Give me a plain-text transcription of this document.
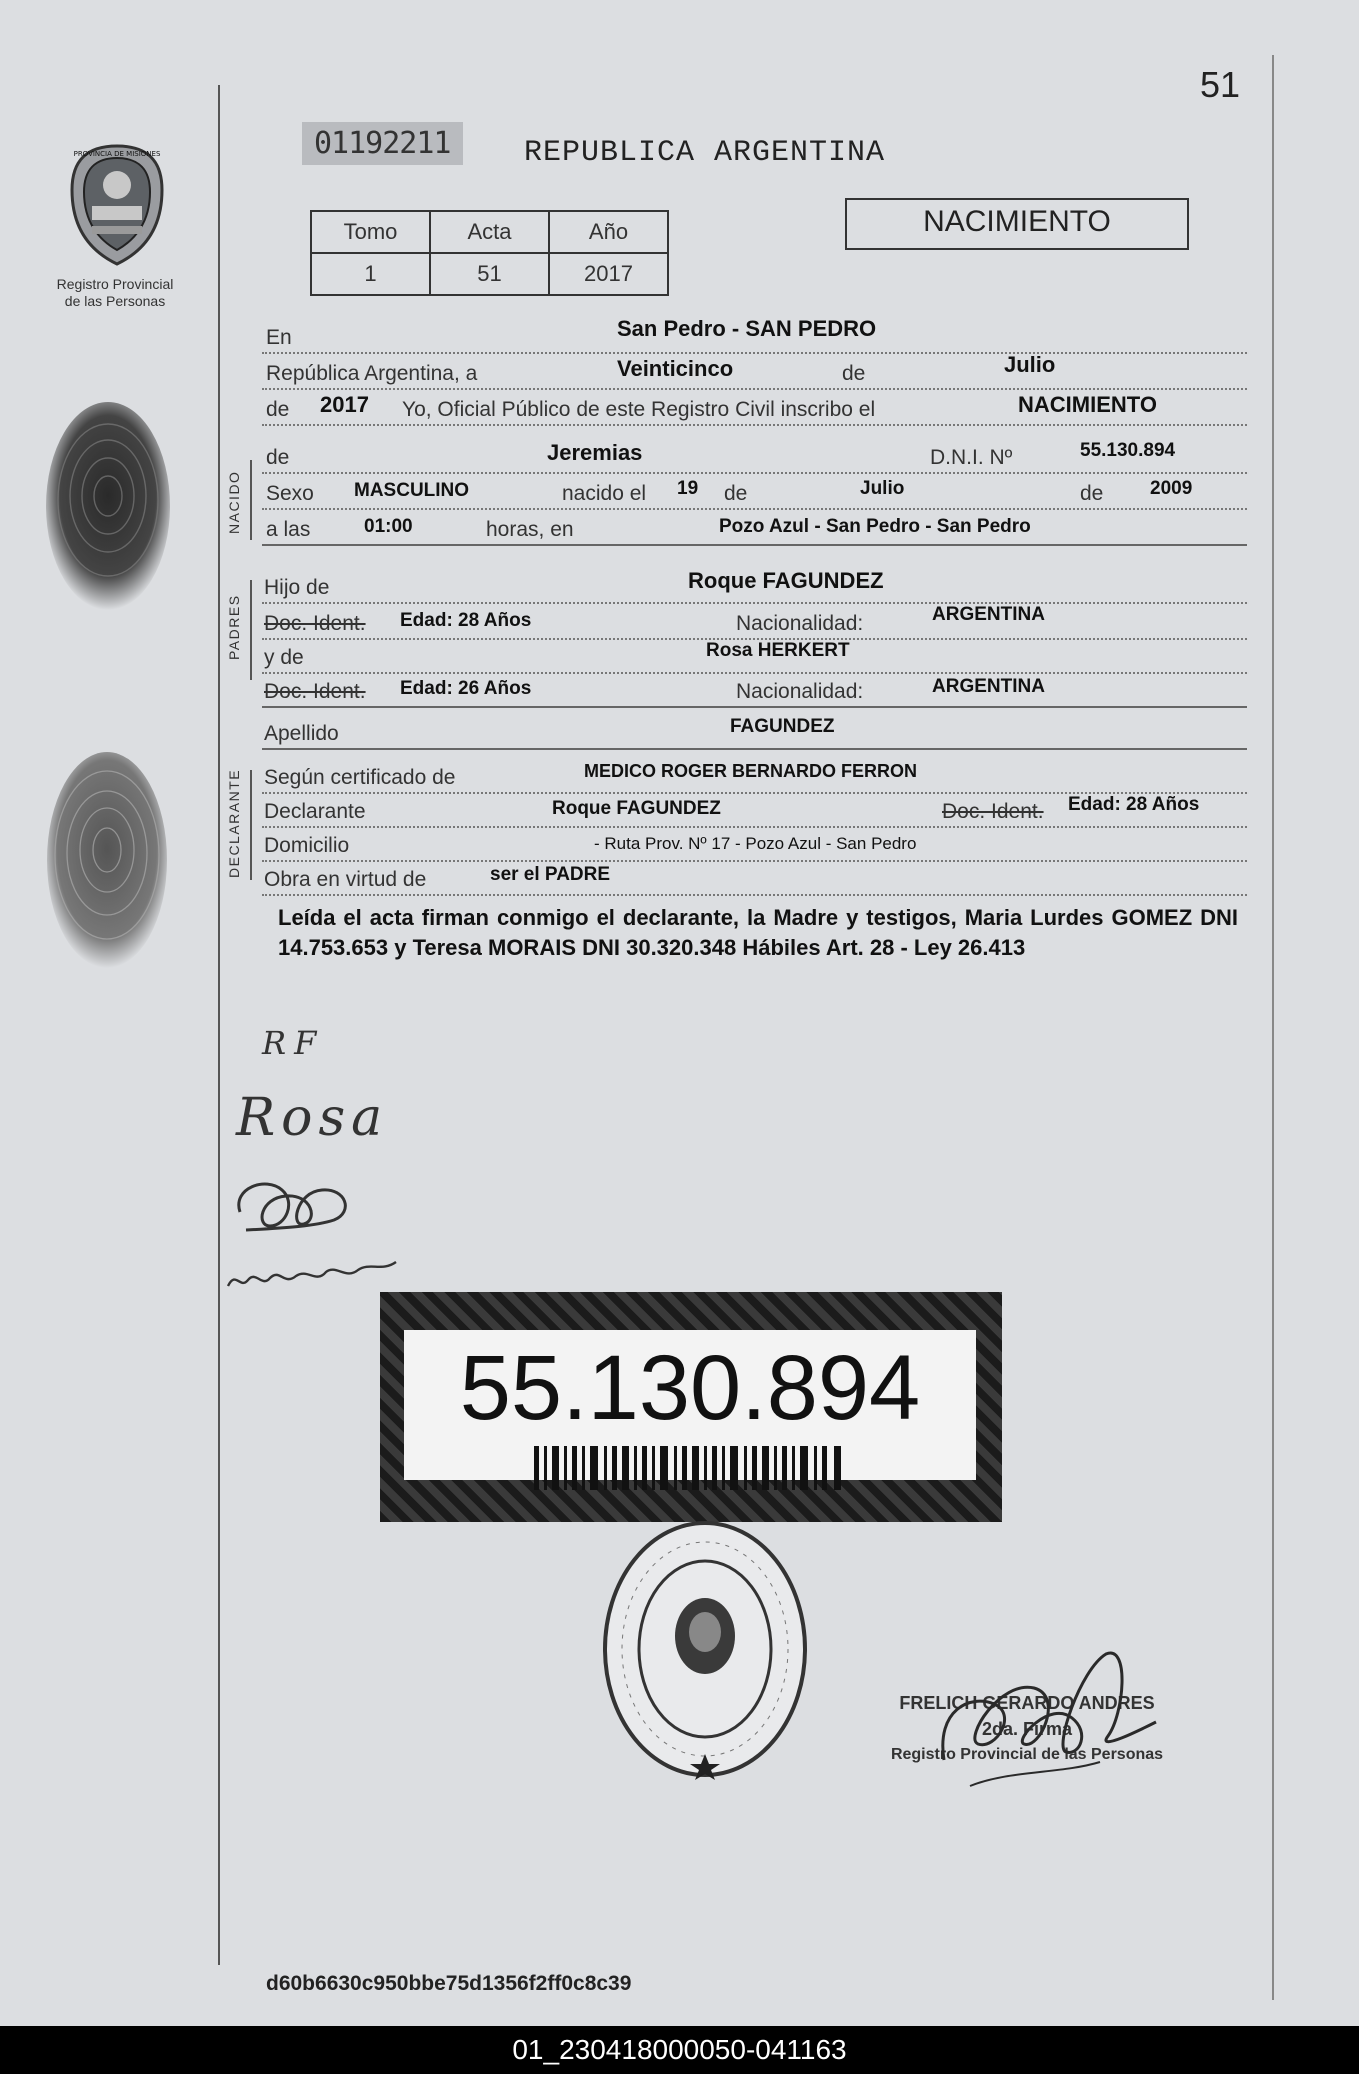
51
PROVINCIA DE MISIONES
Registro Provincial
de las Personas
01192211	REPUBLICA ARGENTINA
Tomo	Acta	Año
1	51	2017
NACIMIENTO
NACIDO
PADRES
DECLARANTE
En	San Pedro - SAN PEDRO
República Argentina, a	Veinticinco	de	Julio
de 2017 Yo, Oficial Público de este Registro Civil inscribo el	NACIMIENTO
de	Jeremias	D.N.I. Nº	55.130.894
Sexo MASCULINO	nacido el 19 de	Julio	de 2009
a las	01:00	horas, en	Pozo Azul - San Pedro - San Pedro
Hijo de	Roque FAGUNDEZ
Doc. Ident. Edad: 28 Años	Nacionalidad:	ARGENTINA
y de	Rosa HERKERT
Doc. Ident. Edad: 26 Años	Nacionalidad:	ARGENTINA
Apellido	FAGUNDEZ
Según certificado de	MEDICO ROGER BERNARDO FERRON
Declarante	Roque FAGUNDEZ	Doc. Ident. Edad: 28 Años
Domicilio	- Ruta Prov. Nº 17 - Pozo Azul - San Pedro
Obra en virtud de	ser el PADRE
Leída el acta firman conmigo el declarante, la Madre y testigos, Maria Lurdes GOMEZ DNI 14.753.653 y Teresa MORAIS DNI 30.320.348 Hábiles Art. 28 - Ley 26.413
RF
Rosa
55.130.894
FRELICH GERARDO ANDRES
2da. Firma
Registro Provincial de las Personas
d60b6630c950bbe75d1356f2ff0c8c39
01_230418000050-041163
